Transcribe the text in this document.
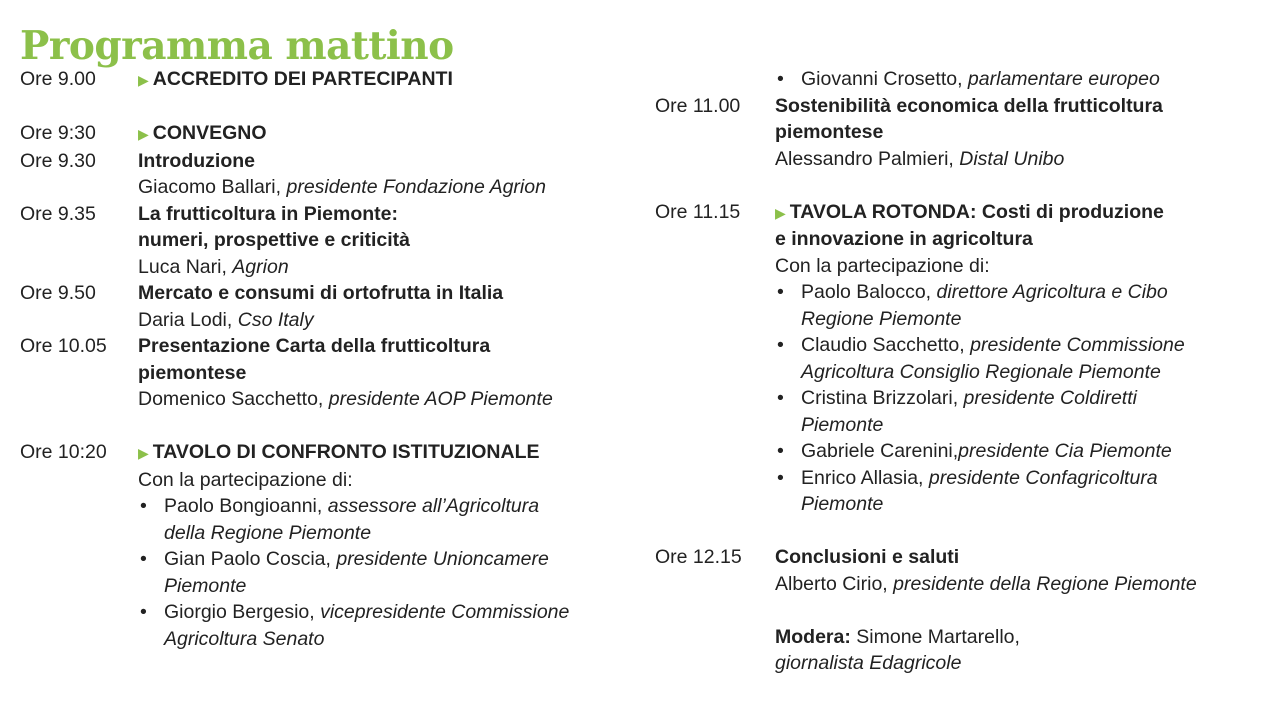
Programma mattino
Ore 9.00	▶ ACCREDITO DEI PARTECIPANTI
Ore 9:30	▶ CONVEGNO
Ore 9.30	Introduzione
Giacomo Ballari, presidente Fondazione Agrion
Ore 9.35	La frutticoltura in Piemonte:
numeri, prospettive e criticità
Luca Nari, Agrion
Ore 9.50	Mercato e consumi di ortofrutta in Italia
Daria Lodi, Cso Italy
Ore 10.05	Presentazione Carta della frutticoltura
piemontese
Domenico Sacchetto, presidente AOP Piemonte
Ore 10:20	▶ TAVOLO DI CONFRONTO ISTITUZIONALE
Con la partecipazione di:
• Paolo Bongioanni, assessore all’Agricoltura
della Regione Piemonte
• Gian Paolo Coscia, presidente Unioncamere
Piemonte
• Giorgio Bergesio, vicepresidente Commissione
Agricoltura Senato
• Giovanni Crosetto, parlamentare europeo
Ore 11.00	Sostenibilità economica della frutticoltura
piemontese
Alessandro Palmieri, Distal Unibo
Ore 11.15	▶ TAVOLA ROTONDA: Costi di produzione
e innovazione in agricoltura
Con la partecipazione di:
• Paolo Balocco, direttore Agricoltura e Cibo
Regione Piemonte
• Claudio Sacchetto, presidente Commissione
Agricoltura Consiglio Regionale Piemonte
• Cristina Brizzolari, presidente Coldiretti
Piemonte
• Gabriele Carenini,presidente Cia Piemonte
• Enrico Allasia, presidente Confagricoltura
Piemonte
Ore 12.15	Conclusioni e saluti
Alberto Cirio, presidente della Regione Piemonte
Modera: Simone Martarello,
giornalista Edagricole
